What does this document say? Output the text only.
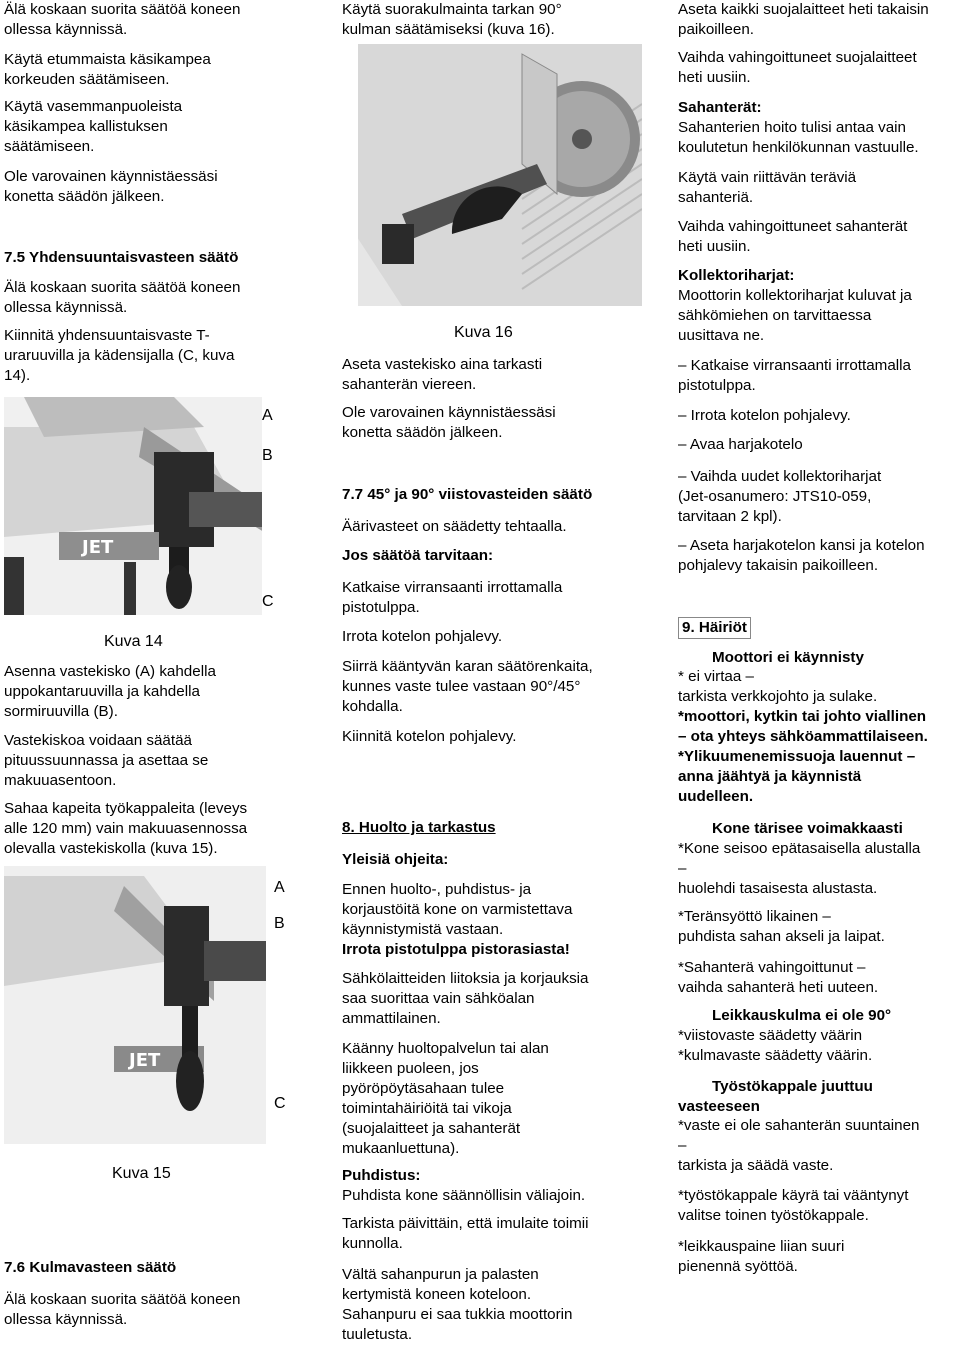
Älä koskaan suorita säätöä koneen
ollessa käynnissä.
Käytä etummaista käsikampea
korkeuden säätämiseen.
Käytä vasemmanpuoleista
käsikampea kallistuksen
säätämiseen.
Ole varovainen käynnistäessäsi
konetta säädön jälkeen.
7.5 Yhdensuuntaisvasteen säätö
Älä koskaan suorita säätöä koneen
ollessa käynnissä.
Kiinnitä yhdensuuntaisvaste T-
uraruuvilla ja kädensijalla (C, kuva
14).
JET
A
B
C
Kuva 14
Asenna vastekisko (A) kahdella
uppokantaruuvilla ja kahdella
sormiruuvilla (B).
Vastekiskoa voidaan säätää
pituussuunnassa ja asettaa se
makuuasentoon.
Sahaa kapeita työkappaleita (leveys
alle 120 mm) vain makuuasennossa
olevalla vastekiskolla (kuva 15).
JET
A
B
C
Kuva 15
7.6 Kulmavasteen säätö
Älä koskaan suorita säätöä koneen
ollessa käynnissä.
Käytä suorakulmainta tarkan 90°
kulman säätämiseksi (kuva 16).
Kuva 16
Aseta vastekisko aina tarkasti
sahanterän viereen.
Ole varovainen käynnistäessäsi
konetta säädön jälkeen.
7.7 45° ja 90° viistovasteiden säätö
Äärivasteet on säädetty tehtaalla.
Jos säätöä tarvitaan:
Katkaise virransaanti irrottamalla
pistotulppa.
Irrota kotelon pohjalevy.
Siirrä kääntyvän karan säätörenkaita,
kunnes vaste tulee vastaan 90°/45°
kohdalla.
Kiinnitä kotelon pohjalevy.
8. Huolto ja tarkastus
Yleisiä ohjeita:
Ennen huolto-, puhdistus- ja
korjaustöitä kone on varmistettava
käynnistymistä vastaan.
Irrota pistotulppa pistorasiasta!
Sähkölaitteiden liitoksia ja korjauksia
saa suorittaa vain sähköalan
ammattilainen.
Käänny huoltopalvelun tai alan
liikkeen puoleen, jos
pyöröpöytäsahaan tulee
toimintahäiriöitä tai vikoja
(suojalaitteet ja sahanterät
mukaanluettuna).
Puhdistus:
Puhdista kone säännöllisin väliajoin.
Tarkista päivittäin, että imulaite toimii
kunnolla.
Vältä sahanpurun ja palasten
kertymistä koneen koteloon.
Sahanpuru ei saa tukkia moottorin
tuuletusta.
Aseta kaikki suojalaitteet heti takaisin
paikoilleen.
Vaihda vahingoittuneet suojalaitteet
heti uusiin.
Sahanterät:
Sahanterien hoito tulisi antaa vain
koulutetun henkilökunnan vastuulle.
Käytä vain riittävän teräviä
sahanteriä.
Vaihda vahingoittuneet sahanterät
heti uusiin.
Kollektoriharjat:
Moottorin kollektoriharjat kuluvat ja
sähkömiehen on tarvittaessa
uusittava ne.
– Katkaise virransaanti irrottamalla
pistotulppa.
– Irrota kotelon pohjalevy.
– Avaa harjakotelo
– Vaihda uudet kollektoriharjat
(Jet-osanumero: JTS10-059,
tarvitaan 2 kpl).
– Aseta harjakotelon kansi ja kotelon
pohjalevy takaisin paikoilleen.
9. Häiriöt
Moottori ei käynnisty
* ei virtaa –
tarkista verkkojohto ja sulake.
*moottori, kytkin tai johto viallinen
– ota yhteys sähköammattilaiseen.
*Ylikuumenemissuoja lauennut –
anna jäähtyä ja käynnistä
uudelleen.
Kone tärisee voimakkaasti
*Kone seisoo epätasaisella alustalla
–
huolehdi tasaisesta alustasta.
*Teränsyöttö likainen –
puhdista sahan akseli ja laipat.
*Sahanterä vahingoittunut –
vaihda sahanterä heti uuteen.
Leikkauskulma ei ole 90°
*viistovaste säädetty väärin
*kulmavaste säädetty väärin.
Työstökappale juuttuu
vasteeseen
*vaste ei ole sahanterän suuntainen
–
tarkista ja säädä vaste.
*työstökappale käyrä tai vääntynyt
valitse toinen työstökappale.
*leikkauspaine liian suuri
pienennä syöttöä.
